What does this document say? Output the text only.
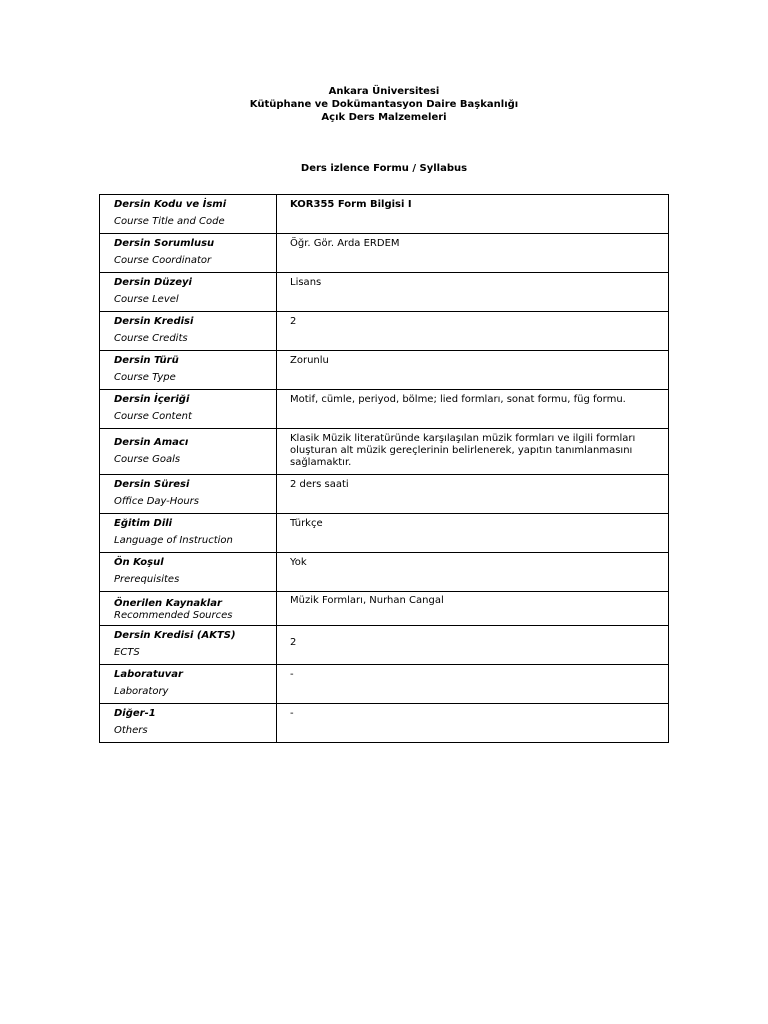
Ankara Üniversitesi
Kütüphane ve Dokümantasyon Daire Başkanlığı
Açık Ders Malzemeleri
Ders izlence Formu / Syllabus
Dersin Kodu ve İsmi
Course Title and Code	KOR355 Form Bilgisi I

Dersin Sorumlusu
Course Coordinator	Öğr. Gör. Arda ERDEM

Dersin Düzeyi
Course Level	Lisans

Dersin Kredisi
Course Credits	2

Dersin Türü
Course Type	Zorunlu

Dersin İçeriği
Course Content	Motif, cümle, periyod, bölme; lied formları, sonat formu, füg formu.

Dersin Amacı
Course Goals	Klasik Müzik literatüründe karşılaşılan müzik formları ve ilgili formları oluşturan alt müzik gereçlerinin belirlenerek, yapıtın tanımlanmasını sağlamaktır.

Dersin Süresi
Office Day-Hours	2 ders saati

Eğitim Dili
Language of Instruction	Türkçe

Ön Koşul
Prerequisites	Yok

Önerilen Kaynaklar
Recommended Sources	Müzik Formları, Nurhan Cangal

Dersin Kredisi (AKTS)
ECTS	2

Laboratuvar
Laboratory	-

Diğer-1
Others	-
